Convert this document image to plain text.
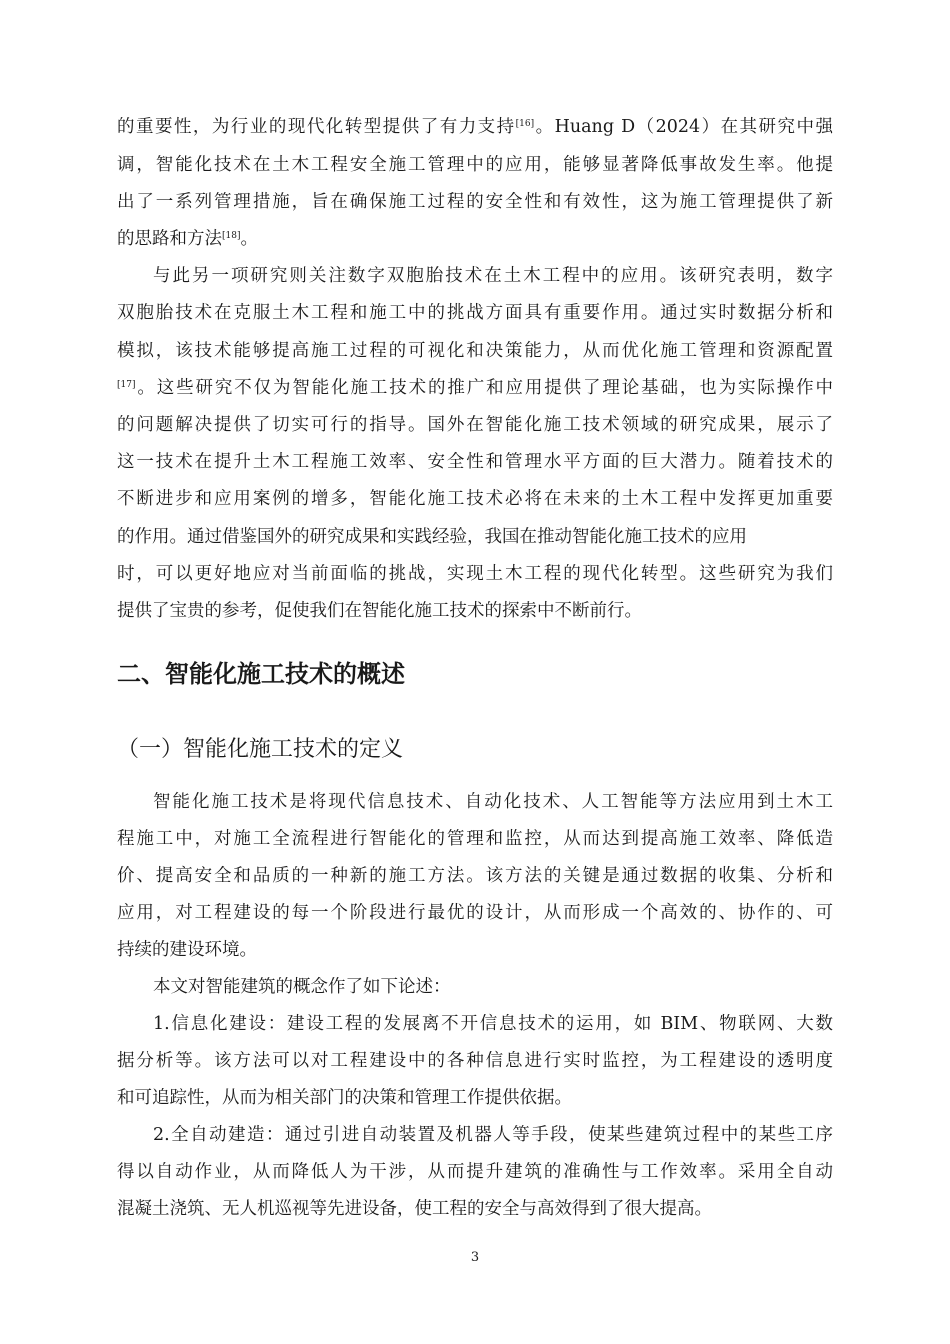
的重要性，为行业的现代化转型提供了有力支持[16]。Huang D（2024）在其研究中强
调，智能化技术在土木工程安全施工管理中的应用，能够显著降低事故发生率。他提
出了一系列管理措施，旨在确保施工过程的安全性和有效性，这为施工管理提供了新
的思路和方法[18]。
与此另一项研究则关注数字双胞胎技术在土木工程中的应用。该研究表明，数字
双胞胎技术在克服土木工程和施工中的挑战方面具有重要作用。通过实时数据分析和
模拟，该技术能够提高施工过程的可视化和决策能力，从而优化施工管理和资源配置
[17]。这些研究不仅为智能化施工技术的推广和应用提供了理论基础，也为实际操作中
的问题解决提供了切实可行的指导。国外在智能化施工技术领域的研究成果，展示了
这一技术在提升土木工程施工效率、安全性和管理水平方面的巨大潜力。随着技术的
不断进步和应用案例的增多，智能化施工技术必将在未来的土木工程中发挥更加重要
的作用。通过借鉴国外的研究成果和实践经验，我国在推动智能化施工技术的应用
时，可以更好地应对当前面临的挑战，实现土木工程的现代化转型。这些研究为我们
提供了宝贵的参考，促使我们在智能化施工技术的探索中不断前行。
二、智能化施工技术的概述
（一）智能化施工技术的定义
智能化施工技术是将现代信息技术、自动化技术、人工智能等方法应用到土木工
程施工中，对施工全流程进行智能化的管理和监控，从而达到提高施工效率、降低造
价、提高安全和品质的一种新的施工方法。该方法的关键是通过数据的收集、分析和
应用，对工程建设的每一个阶段进行最优的设计，从而形成一个高效的、协作的、可
持续的建设环境。
本文对智能建筑的概念作了如下论述：
1.信息化建设：建设工程的发展离不开信息技术的运用，如 BIM、物联网、大数
据分析等。该方法可以对工程建设中的各种信息进行实时监控，为工程建设的透明度
和可追踪性，从而为相关部门的决策和管理工作提供依据。
2.全自动建造：通过引进自动装置及机器人等手段，使某些建筑过程中的某些工序
得以自动作业，从而降低人为干涉，从而提升建筑的准确性与工作效率。采用全自动
混凝土浇筑、无人机巡视等先进设备，使工程的安全与高效得到了很大提高。
3
